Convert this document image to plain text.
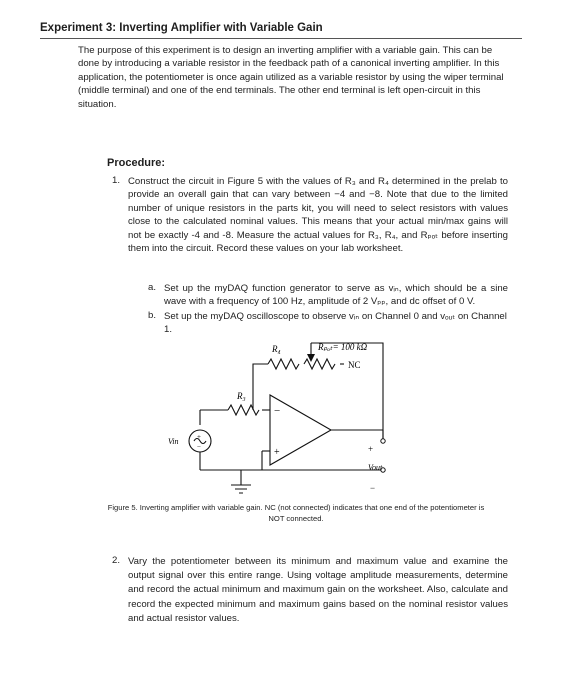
Experiment 3: Inverting Amplifier with Variable Gain
The purpose of this experiment is to design an inverting amplifier with a variable gain. This can be done by introducing a variable resistor in the feedback path of a canonical inverting amplifier. In this application, the potentiometer is once again utilized as a variable resistor by using the wiper terminal (middle terminal) and one of the end terminals. The other end terminal is left open-circuit in this situation.
Procedure:
1. Construct the circuit in Figure 5 with the values of R₃ and R₄ determined in the prelab to provide an overall gain that can vary between −4 and −8. Note that due to the limited number of unique resistors in the parts kit, you will need to select resistors with values close to the calculated nominal values. This means that your actual min/max gains will not be exactly -4 and -8. Measure the actual values for R₃, R₄, and Rₚₒₜ before inserting them into the circuit. Record these values on your lab worksheet.
a. Set up the myDAQ function generator to serve as vᵢₙ, which should be a sine wave with a frequency of 100 Hz, amplitude of 2 Vₚₚ, and dc offset of 0 V.
b. Set up the myDAQ oscilloscope to observe vᵢₙ on Channel 0 and vₒᵤₜ on Channel 1.
R₄	Rₚₒₜ= 100 kΩ
NC
R₃
Vin
+
Vout
−
−
+
+
−
Figure 5. Inverting amplifier with variable gain. NC (not connected) indicates that one end of the potentiometer is NOT connected.
2. Vary the potentiometer between its minimum and maximum value and examine the output signal over this entire range. Using voltage amplitude measurements, determine and record the actual minimum and maximum gain on the worksheet. Also, calculate and record the expected minimum and maximum gains based on the nominal resistor values and actual resistor values.
